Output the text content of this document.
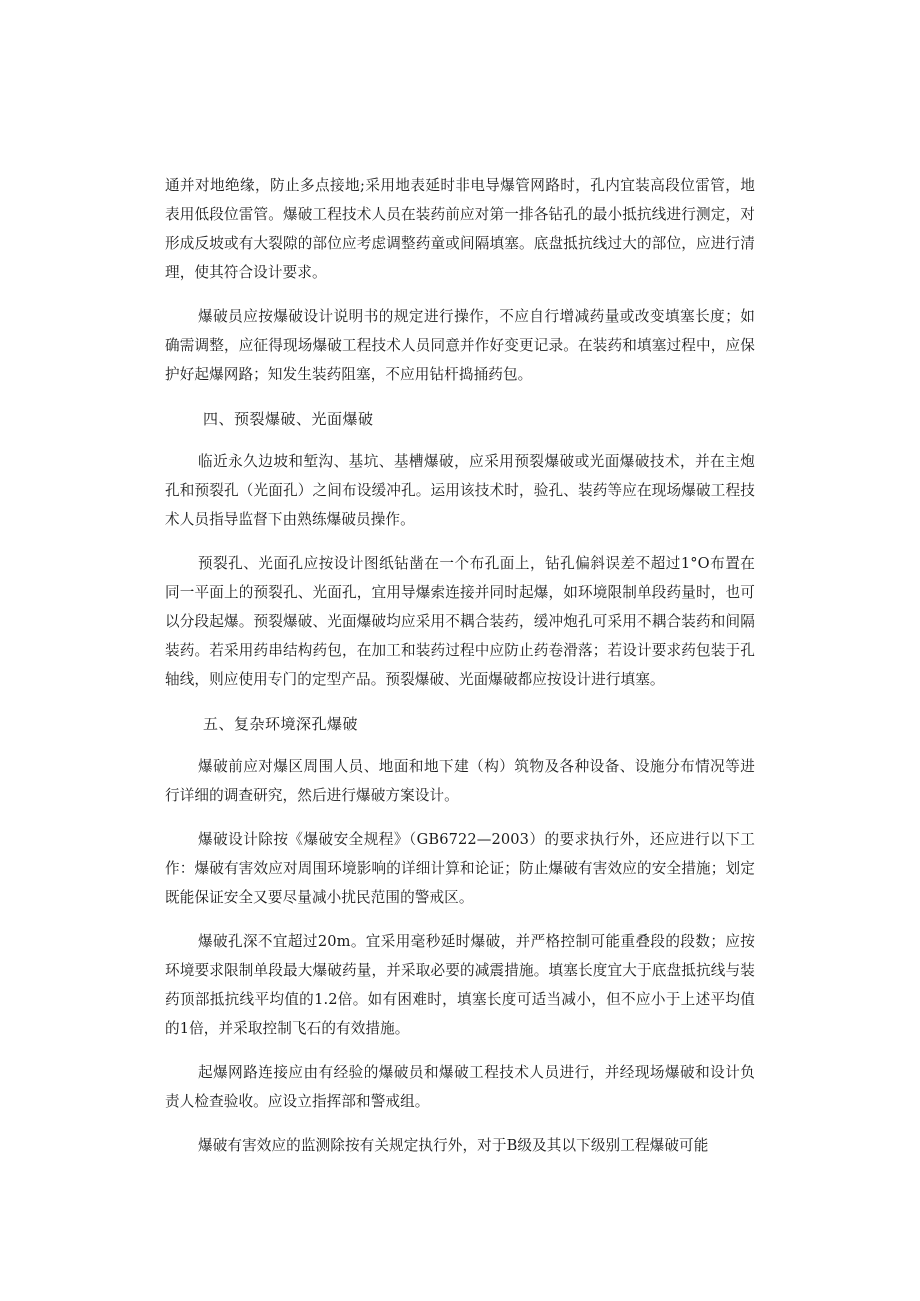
通并对地绝缘，防止多点接地;采用地表延时非电导爆管网路时，孔内宜装高段位雷管，地表用低段位雷管。爆破工程技术人员在装药前应对第一排各钻孔的最小抵抗线进行测定，对形成反坡或有大裂隙的部位应考虑调整药童或间隔填塞。底盘抵抗线过大的部位，应进行清理，使其符合设计要求。

爆破员应按爆破设计说明书的规定进行操作，不应自行增减药量或改变填塞长度；如确需调整，应征得现场爆破工程技术人员同意并作好变更记录。在装药和填塞过程中，应保护好起爆网路；知发生装药阻塞，不应用钻杆捣捅药包。

四、预裂爆破、光面爆破

临近永久边坡和堑沟、基坑、基槽爆破，应采用预裂爆破或光面爆破技术，并在主炮孔和预裂孔（光面孔）之间布设缓冲孔。运用该技术时，验孔、装药等应在现场爆破工程技术人员指导监督下由熟练爆破员操作。

预裂孔、光面孔应按设计图纸钻凿在一个布孔面上，钻孔偏斜误差不超过1°O布置在同一平面上的预裂孔、光面孔，宜用导爆索连接并同时起爆，如环境限制单段药量时，也可以分段起爆。预裂爆破、光面爆破均应采用不耦合装药，缓冲炮孔可采用不耦合装药和间隔装药。若采用药串结构药包，在加工和装药过程中应防止药卷滑落；若设计要求药包装于孔轴线，则应使用专门的定型产品。预裂爆破、光面爆破都应按设计进行填塞。

五、复杂环境深孔爆破

爆破前应对爆区周围人员、地面和地下建（构）筑物及各种设备、设施分布情况等进行详细的调查研究，然后进行爆破方案设计。

爆破设计除按《爆破安全规程》（GB6722—2003）的要求执行外，还应进行以下工作：爆破有害效应对周围环境影响的详细计算和论证；防止爆破有害效应的安全措施；划定既能保证安全又要尽量减小扰民范围的警戒区。

爆破孔深不宜超过20m。宜采用毫秒延时爆破，并严格控制可能重叠段的段数；应按环境要求限制单段最大爆破药量，并采取必要的减震措施。填塞长度宜大于底盘抵抗线与装药顶部抵抗线平均值的1.2倍。如有困难时，填塞长度可适当减小，但不应小于上述平均值的1倍，并采取控制飞石的有效措施。

起爆网路连接应由有经验的爆破员和爆破工程技术人员进行，并经现场爆破和设计负责人检查验收。应设立指挥部和警戒组。

爆破有害效应的监测除按有关规定执行外，对于B级及其以下级别工程爆破可能
